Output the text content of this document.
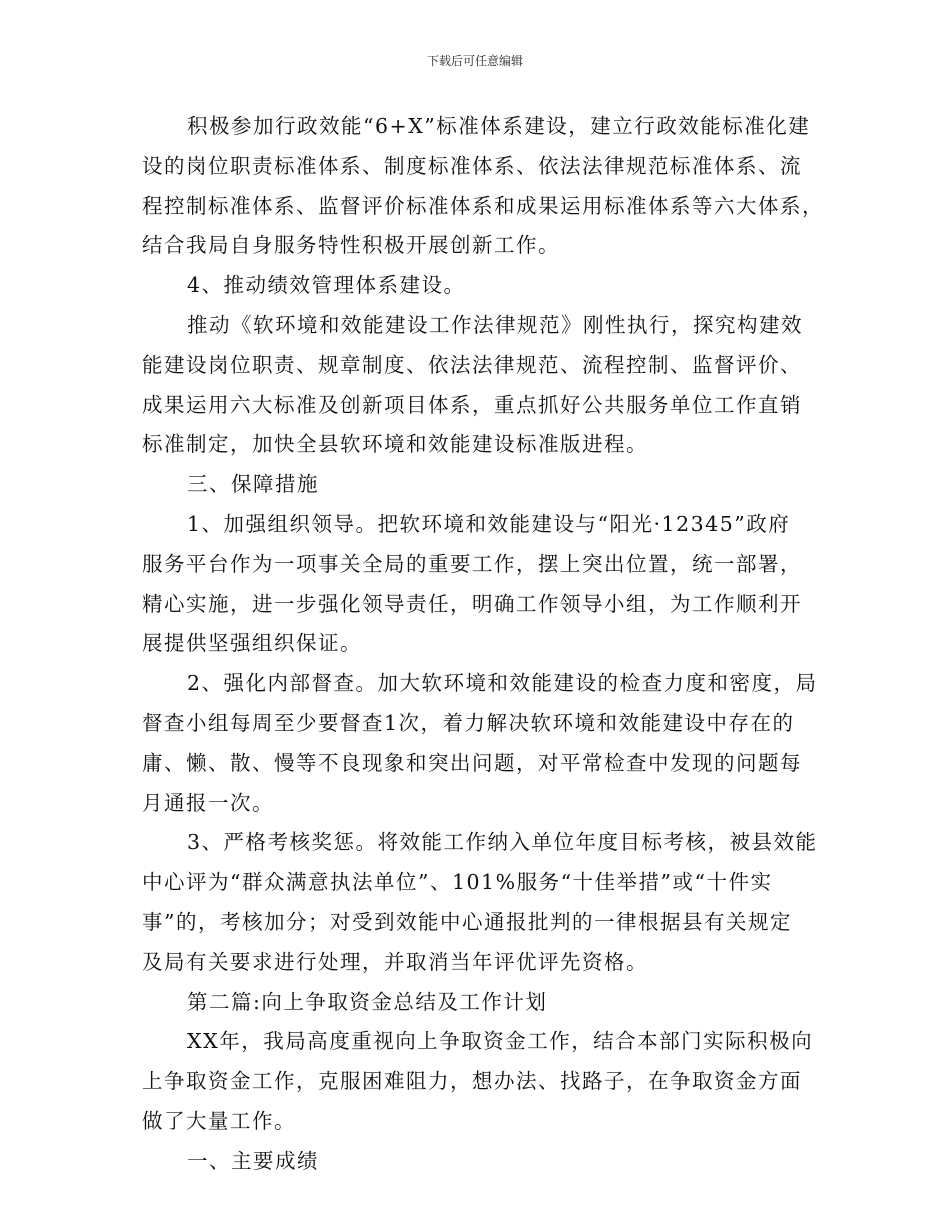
下载后可任意编辑
积极参加行政效能“6+X”标准体系建设，建立行政效能标准化建
设的岗位职责标准体系、制度标准体系、依法法律规范标准体系、流
程控制标准体系、监督评价标准体系和成果运用标准体系等六大体系，
结合我局自身服务特性积极开展创新工作。
4、推动绩效管理体系建设。
推动《软环境和效能建设工作法律规范》刚性执行，探究构建效
能建设岗位职责、规章制度、依法法律规范、流程控制、监督评价、
成果运用六大标准及创新项目体系，重点抓好公共服务单位工作直销
标准制定，加快全县软环境和效能建设标准版进程。
三、保障措施
1、加强组织领导。把软环境和效能建设与“阳光·12345”政府
服务平台作为一项事关全局的重要工作，摆上突出位置，统一部署，
精心实施，进一步强化领导责任，明确工作领导小组，为工作顺利开
展提供坚强组织保证。
2、强化内部督查。加大软环境和效能建设的检查力度和密度，局
督查小组每周至少要督查1次，着力解决软环境和效能建设中存在的
庸、懒、散、慢等不良现象和突出问题，对平常检查中发现的问题每
月通报一次。
3、严格考核奖惩。将效能工作纳入单位年度目标考核，被县效能
中心评为“群众满意执法单位”、101%服务“十佳举措”或“十件实
事”的，考核加分；对受到效能中心通报批判的一律根据县有关规定
及局有关要求进行处理，并取消当年评优评先资格。
第二篇:向上争取资金总结及工作计划
XX年，我局高度重视向上争取资金工作，结合本部门实际积极向
上争取资金工作，克服困难阻力，想办法、找路子，在争取资金方面
做了大量工作。
一、主要成绩
